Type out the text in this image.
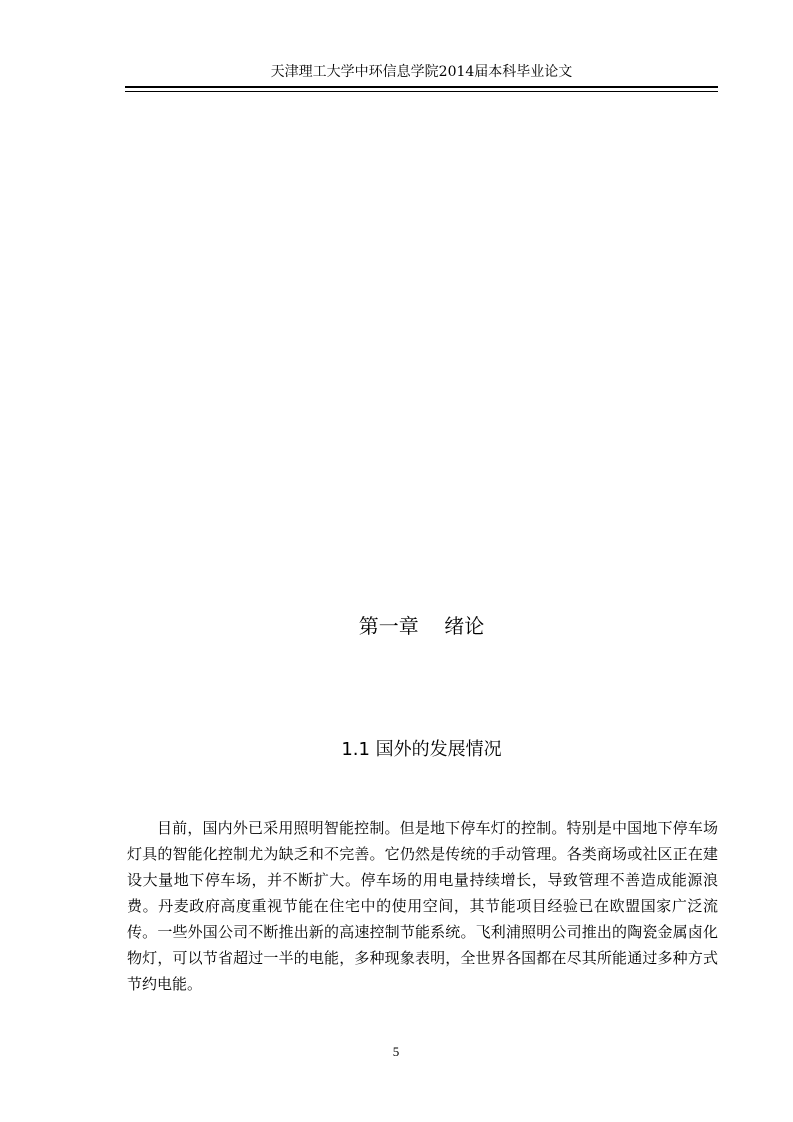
天津理工大学中环信息学院2014届本科毕业论文
第一章    绪论
1.1 国外的发展情况

目前，国内外已采用照明智能控制。但是地下停车灯的控制。特别是中国地下停车场灯具的智能化控制尤为缺乏和不完善。它仍然是传统的手动管理。各类商场或社区正在建设大量地下停车场，并不断扩大。停车场的用电量持续增长，导致管理不善造成能源浪费。丹麦政府高度重视节能在住宅中的使用空间，其节能项目经验已在欧盟国家广泛流传。一些外国公司不断推出新的高速控制节能系统。飞利浦照明公司推出的陶瓷金属卤化物灯，可以节省超过一半的电能，多种现象表明，全世界各国都在尽其所能通过多种方式节约电能。

5
